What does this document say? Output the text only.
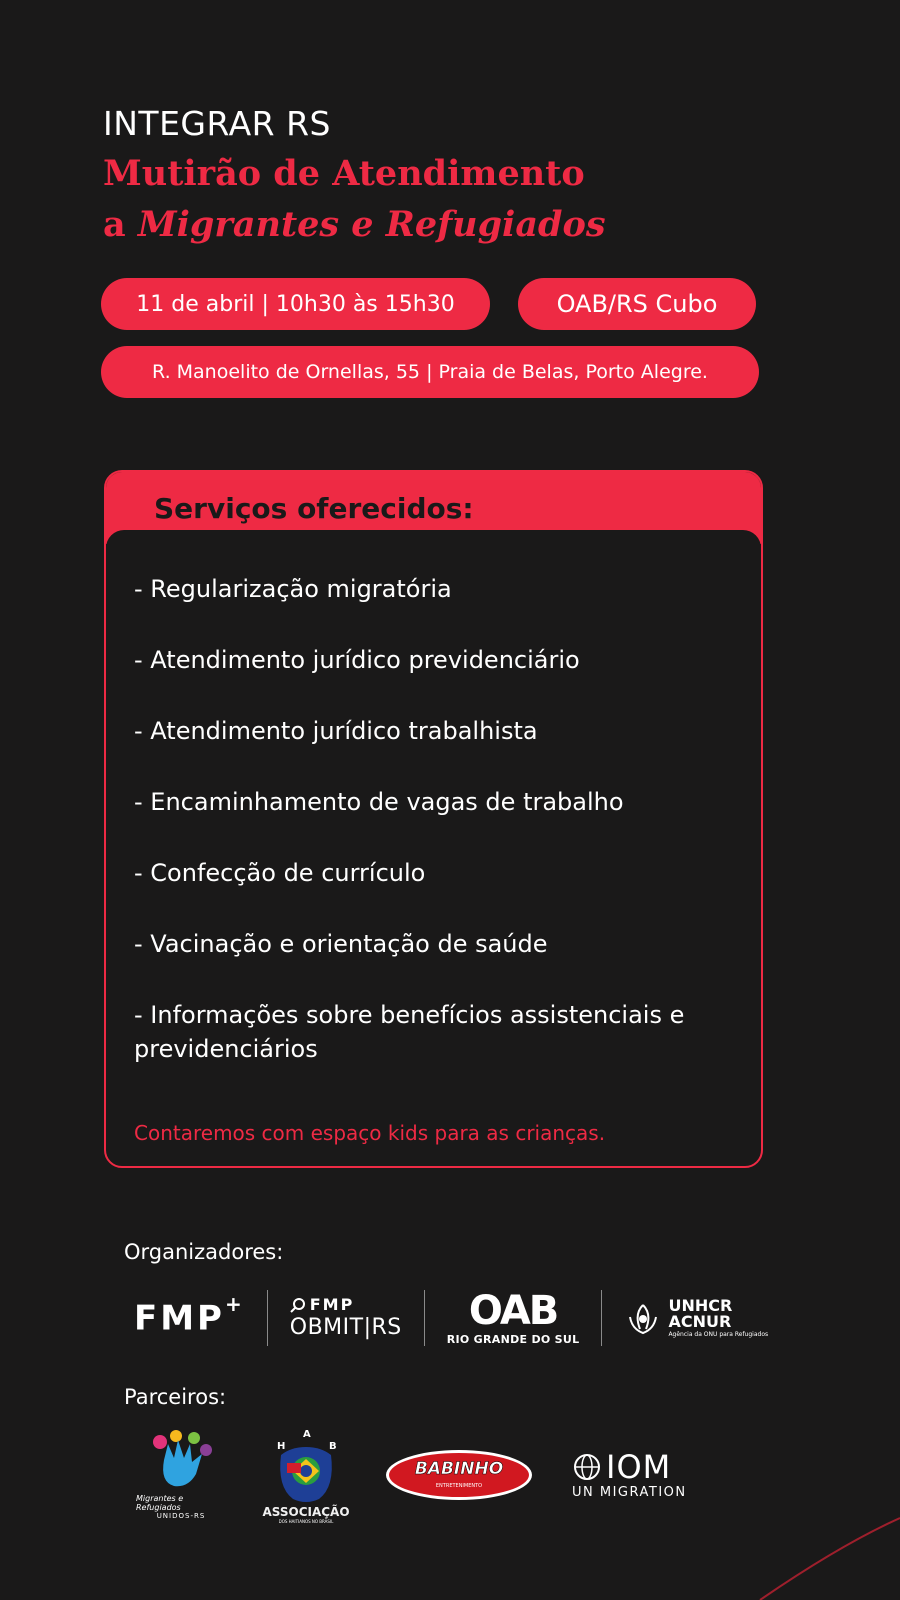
INTEGRAR RS
Mutirão de Atendimento
a Migrantes e Refugiados
11 de abril | 10h30 às 15h30	OAB/RS Cubo
R. Manoelito de Ornellas, 55 | Praia de Belas, Porto Alegre.
Serviços oferecidos:
- Regularização migratória
- Atendimento jurídico previdenciário
- Atendimento jurídico trabalhista
- Encaminhamento de vagas de trabalho
- Confecção de currículo
- Vacinação e orientação de saúde
- Informações sobre benefícios assistenciais e previdenciários
Contaremos com espaço kids para as crianças.
Organizadores:
FMP+	FMP
OBMIT|RS OAB
RIO GRANDE DO SUL
UNHCR
ACNUR
Agência da ONU para Refugiados
Parceiros:
Migrantes e Refugiados
UNIDOS-RS
A
H	B
ASSOCIAÇÃO
DOS HAITIANOS NO BRASIL
BABINHO
ENTRETENIMENTO
IOM
UN MIGRATION
